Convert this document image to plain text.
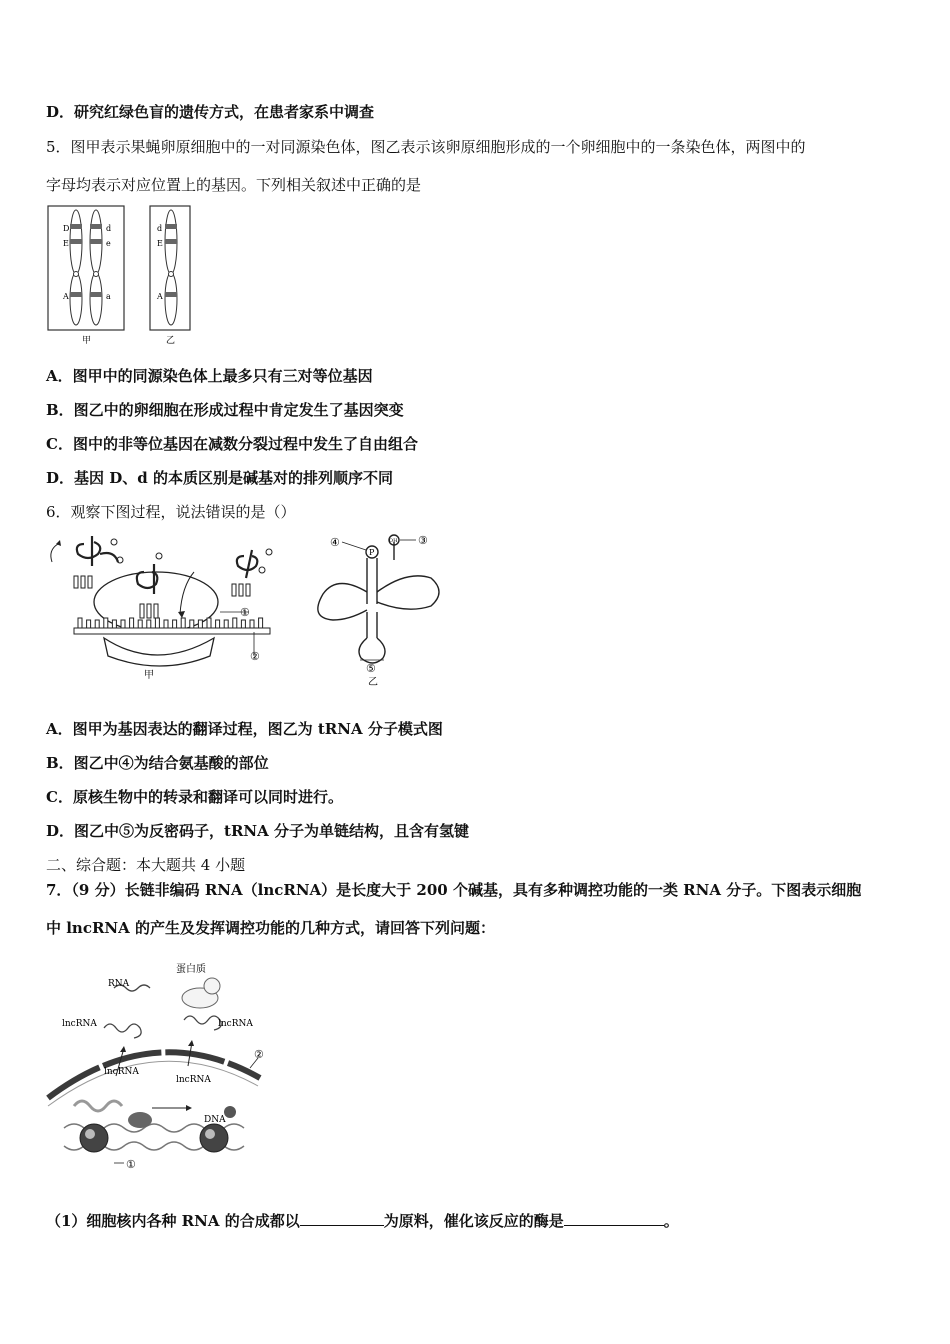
D．研究红绿色盲的遗传方式，在患者家系中调查
5．图甲表示果蝇卵原细胞中的一对同源染色体，图乙表示该卵原细胞形成的一个卵细胞中的一条染色体，两图中的
字母均表示对应位置上的基因。下列相关叙述中正确的是
D
E
A
d
e
a
甲
d
E
A
乙
A．图甲中的同源染色体上最多只有三对等位基因
B．图乙中的卵细胞在形成过程中肯定发生了基因突变
C．图中的非等位基因在减数分裂过程中发生了自由组合
D．基因 D、d 的本质区别是碱基对的排列顺序不同
6．观察下图过程，说法错误的是（）
①
②
甲
P
OH
④	③
⑤
乙
A．图甲为基因表达的翻译过程，图乙为 tRNA 分子模式图
B．图乙中④为结合氨基酸的部位
C．原核生物中的转录和翻译可以同时进行。
D．图乙中⑤为反密码子，tRNA 分子为单链结构，且含有氢键
二、综合题：本大题共 4 小题
7．（9 分）长链非编码 RNA（lncRNA）是长度大于 200 个碱基，具有多种调控功能的一类 RNA 分子。下图表示细胞
中 lncRNA 的产生及发挥调控功能的几种方式，请回答下列问题：
蛋白质
RNA
lncRNA	lncRNA
lncRNA
lncRNA
DNA
①
②
（1）细胞核内各种 RNA 的合成都以	为原料，催化该反应的酶是	。
